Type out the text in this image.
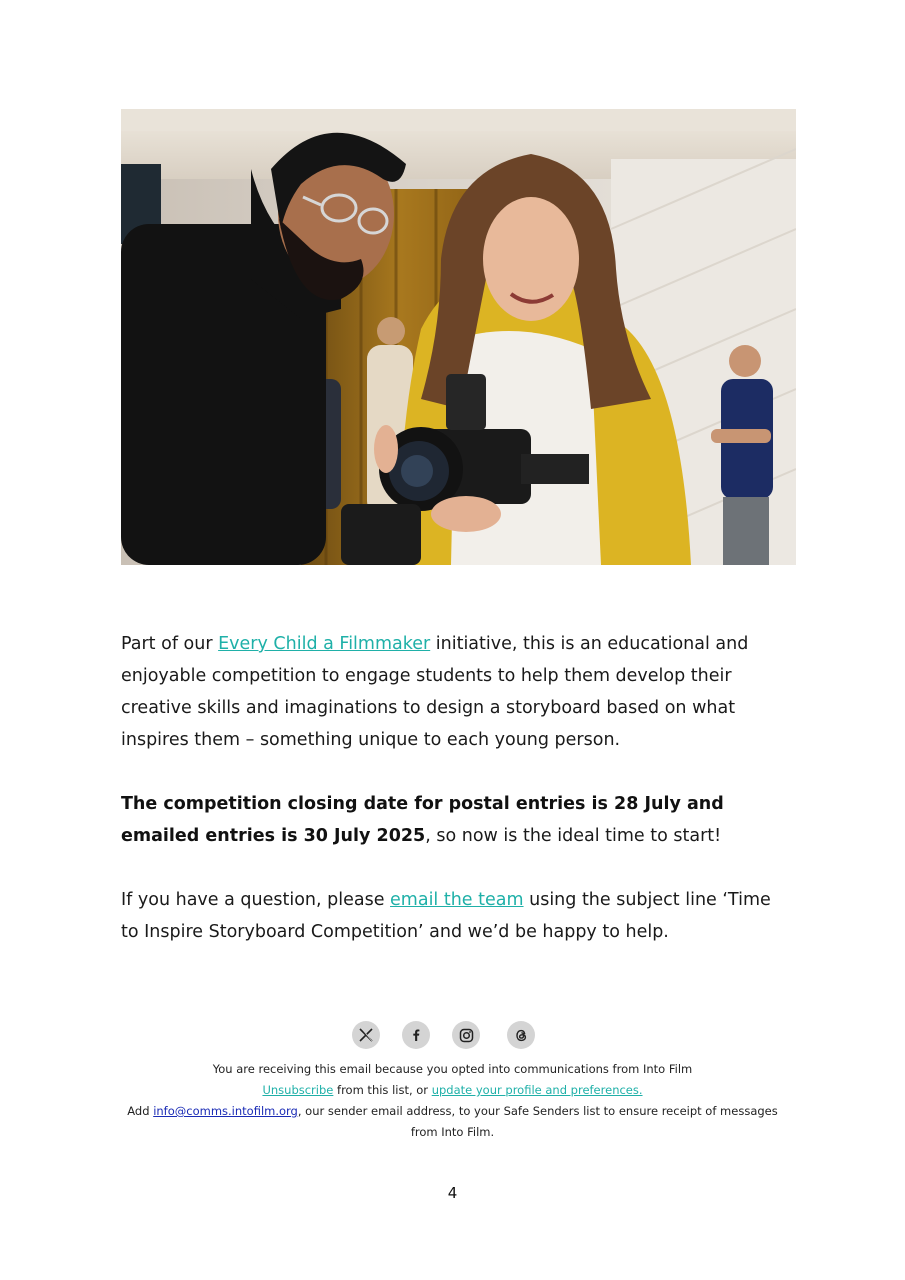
Part of our Every Child a Filmmaker initiative, this is an educational and enjoyable competition to engage students to help them develop their creative skills and imaginations to design a storyboard based on what inspires them – something unique to each young person.

The competition closing date for postal entries is 28 July and emailed entries is 30 July 2025, so now is the ideal time to start!

If you have a question, please email the team using the subject line ‘Time to Inspire Storyboard Competition’ and we’d be happy to help.

You are receiving this email because you opted into communications from Into Film
Unsubscribe from this list, or update your profile and preferences.
Add info@comms.intofilm.org, our sender email address, to your Safe Senders list to ensure receipt of messages from Into Film.
4
